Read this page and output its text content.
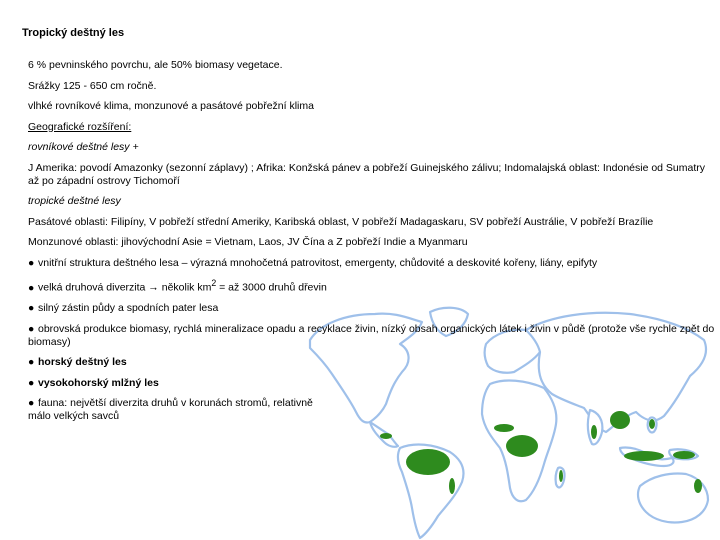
Tropický deštný les

6 % pevninského povrchu, ale 50% biomasy vegetace.

Srážky 125 - 650 cm ročně.

vlhké rovníkové klima, monzunové a pasátové pobřežní klima

Geografické rozšíření:

rovníkové deštné lesy +

J Amerika: povodí Amazonky (sezonní záplavy) ; Afrika: Konžská pánev a pobřeží Guinejského zálivu; Indomalajská oblast: Indonésie od Sumatry až po západní ostrovy Tichomoří

tropické deštné lesy

Pasátové oblasti: Filipíny, V pobřeží střední Ameriky, Karibská oblast, V pobřeží Madagaskaru, SV pobřeží Austrálie, V pobřeží Brazílie

Monzunové oblasti: jihovýchodní Asie = Vietnam, Laos, JV Čína a Z pobřeží Indie a Myanmaru

● vnitřní struktura deštného lesa – výrazná mnohočetná patrovitost, emergenty, chůdovité a deskovité kořeny, liány, epifyty

● velká druhová diverzita → několik $km^2$ = až 3000 druhů dřevin

● silný zástin půdy a spodních pater lesa

● obrovská produkce biomasy, rychlá mineralizace opadu a recyklace živin, nízký obsah organických látek i živin v půdě (protože vše rychle zpět do biomasy)

● horský deštný les

● vysokohorský mlžný les

● fauna: největší diverzita druhů v korunách stromů, relativně málo velkých savců
